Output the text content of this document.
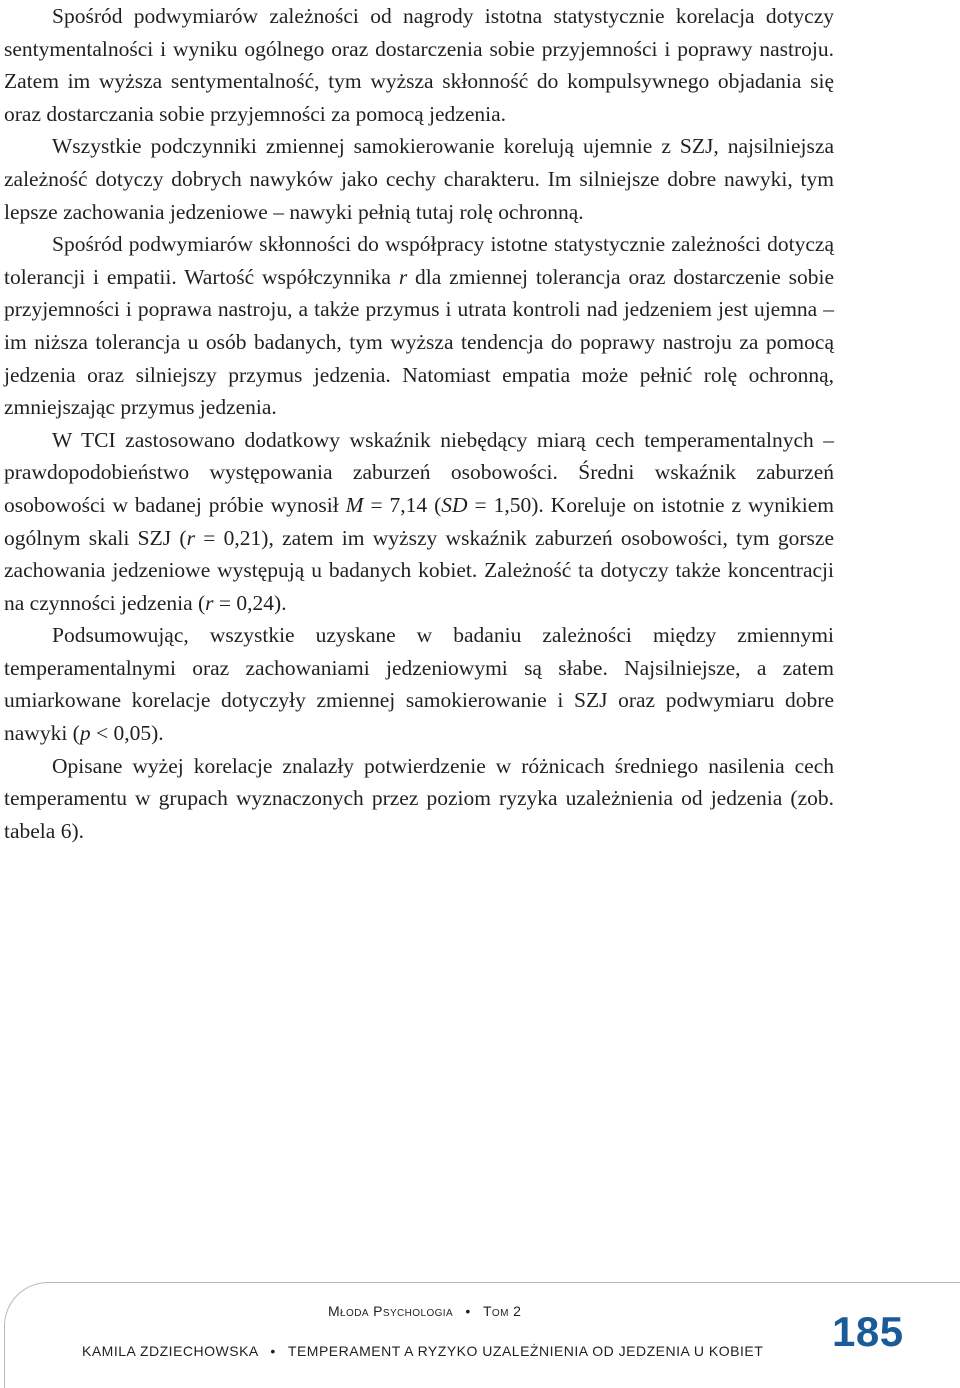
Spośród podwymiarów zależności od nagrody istotna statystycznie korelacja dotyczy sentymentalności i wyniku ogólnego oraz dostarczenia sobie przyjemności i poprawy nastroju. Zatem im wyższa sentymentalność, tym wyższa skłonność do kompulsywnego objadania się oraz dostarczania sobie przyjemności za pomocą jedzenia.

Wszystkie podczynniki zmiennej samokierowanie korelują ujemnie z SZJ, najsilniejsza zależność dotyczy dobrych nawyków jako cechy charakteru. Im silniejsze dobre nawyki, tym lepsze zachowania jedzeniowe – nawyki pełnią tutaj rolę ochronną.

Spośród podwymiarów skłonności do współpracy istotne statystycznie zależności dotyczą tolerancji i empatii. Wartość współczynnika r dla zmiennej tolerancja oraz dostarczenie sobie przyjemności i poprawa nastroju, a także przymus i utrata kontroli nad jedzeniem jest ujemna – im niższa tolerancja u osób badanych, tym wyższa tendencja do poprawy nastroju za pomocą jedzenia oraz silniejszy przymus jedzenia. Natomiast empatia może pełnić rolę ochronną, zmniejszając przymus jedzenia.

W TCI zastosowano dodatkowy wskaźnik niebędący miarą cech temperamentalnych – prawdopodobieństwo występowania zaburzeń osobowości. Średni wskaźnik zaburzeń osobowości w badanej próbie wynosił M = 7,14 (SD = 1,50). Koreluje on istotnie z wynikiem ogólnym skali SZJ (r = 0,21), zatem im wyższy wskaźnik zaburzeń osobowości, tym gorsze zachowania jedzeniowe występują u badanych kobiet. Zależność ta dotyczy także koncentracji na czynności jedzenia (r = 0,24).

Podsumowując, wszystkie uzyskane w badaniu zależności między zmiennymi temperamentalnymi oraz zachowaniami jedzeniowymi są słabe. Najsilniejsze, a zatem umiarkowane korelacje dotyczyły zmiennej samokierowanie i SZJ oraz podwymiaru dobre nawyki (p < 0,05).

Opisane wyżej korelacje znalazły potwierdzenie w różnicach średniego nasilenia cech temperamentu w grupach wyznaczonych przez poziom ryzyka uzależnienia od jedzenia (zob. tabela 6).

Młoda Psychologia • Tom 2
KAMILA ZDZIECHOWSKA • TEMPERAMENT A RYZYKO UZALEŻNIENIA OD JEDZENIA U KOBIET 185
